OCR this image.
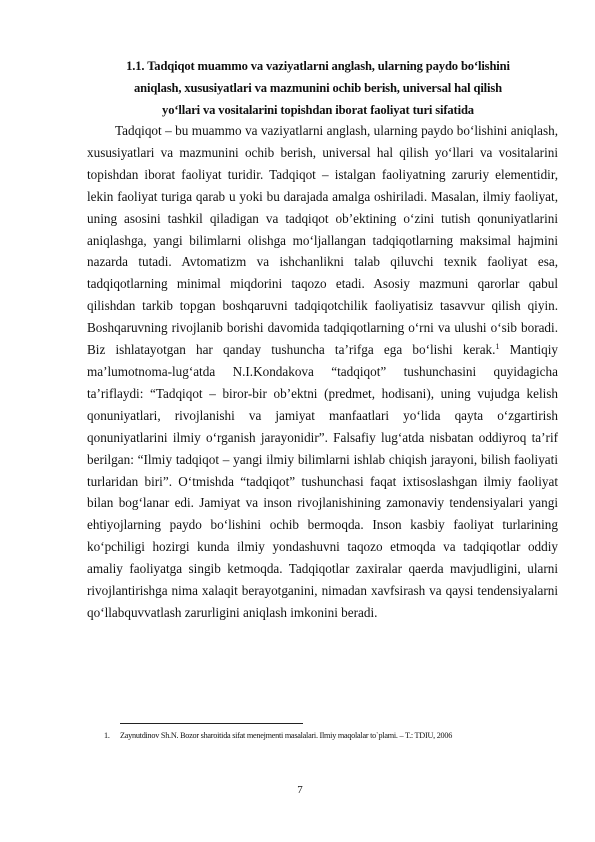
1.1. Tadqiqot muammo va vaziyatlarni anglash, ularning paydo bo‘lishini
aniqlash, xususiyatlari va mazmunini ochib berish, universal hal qilish
yo‘llari va vositalarini topishdan iborat faoliyat turi sifatida

Tadqiqot – bu muammo va vaziyatlarni anglash, ularning paydo bo‘lishini aniqlash, xususiyatlari va mazmunini ochib berish, universal hal qilish yo‘llari va vositalarini topishdan iborat faoliyat turidir. Tadqiqot – istalgan faoliyatning zaruriy elementidir, lekin faoliyat turiga qarab u yoki bu darajada amalga oshiriladi. Masalan, ilmiy faoliyat, uning asosini tashkil qiladigan va tadqiqot ob’ektining o‘zini tutish qonuniyatlarini aniqlashga, yangi bilimlarni olishga mo‘ljallangan tadqiqotlarning maksimal hajmini nazarda tutadi. Avtomatizm va ishchanlikni talab qiluvchi texnik faoliyat esa, tadqiqotlarning minimal miqdorini taqozo etadi. Asosiy mazmuni qarorlar qabul qilishdan tarkib topgan boshqaruvni tadqiqotchilik faoliyatisiz tasavvur qilish qiyin. Boshqaruvning rivojlanib borishi davomida tadqiqotlarning o‘rni va ulushi o‘sib boradi. Biz ishlatayotgan har qanday tushuncha ta’rifga ega bo‘lishi kerak.$^1$ Mantiqiy ma’lumotnoma-lug‘atda N.I.Kondakova “tadqiqot” tushunchasini quyidagicha ta’riflaydi: “Tadqiqot – biror-bir ob’ektni (predmet, hodisani), uning vujudga kelish qonuniyatlari, rivojlanishi va jamiyat manfaatlari yo‘lida qayta o‘zgartirish qonuniyatlarini ilmiy o‘rganish jarayonidir”. Falsafiy lug‘atda nisbatan oddiyroq ta’rif berilgan: “Ilmiy tadqiqot – yangi ilmiy bilimlarni ishlab chiqish jarayoni, bilish faoliyati turlaridan biri”. O‘tmishda “tadqiqot” tushunchasi faqat ixtisoslashgan ilmiy faoliyat bilan bog‘lanar edi. Jamiyat va inson rivojlanishining zamonaviy tendensiyalari yangi ehtiyojlarning paydo bo‘lishini ochib bermoqda. Inson kasbiy faoliyat turlarining ko‘pchiligi hozirgi kunda ilmiy yondashuvni taqozo etmoqda va tadqiqotlar oddiy amaliy faoliyatga singib ketmoqda. Tadqiqotlar zaxiralar qaerda mavjudligini, ularni rivojlantirishga nima xalaqit berayotganini, nimadan xavfsirash va qaysi tendensiyalarni qo‘llabquvvatlash zarurligini aniqlash imkonini beradi.

1. Zaynutdinov Sh.N. Bozor sharoitida sifat menejmenti masalalari. Ilmiy maqolalar to`plami. – T.: TDIU, 2006
7
